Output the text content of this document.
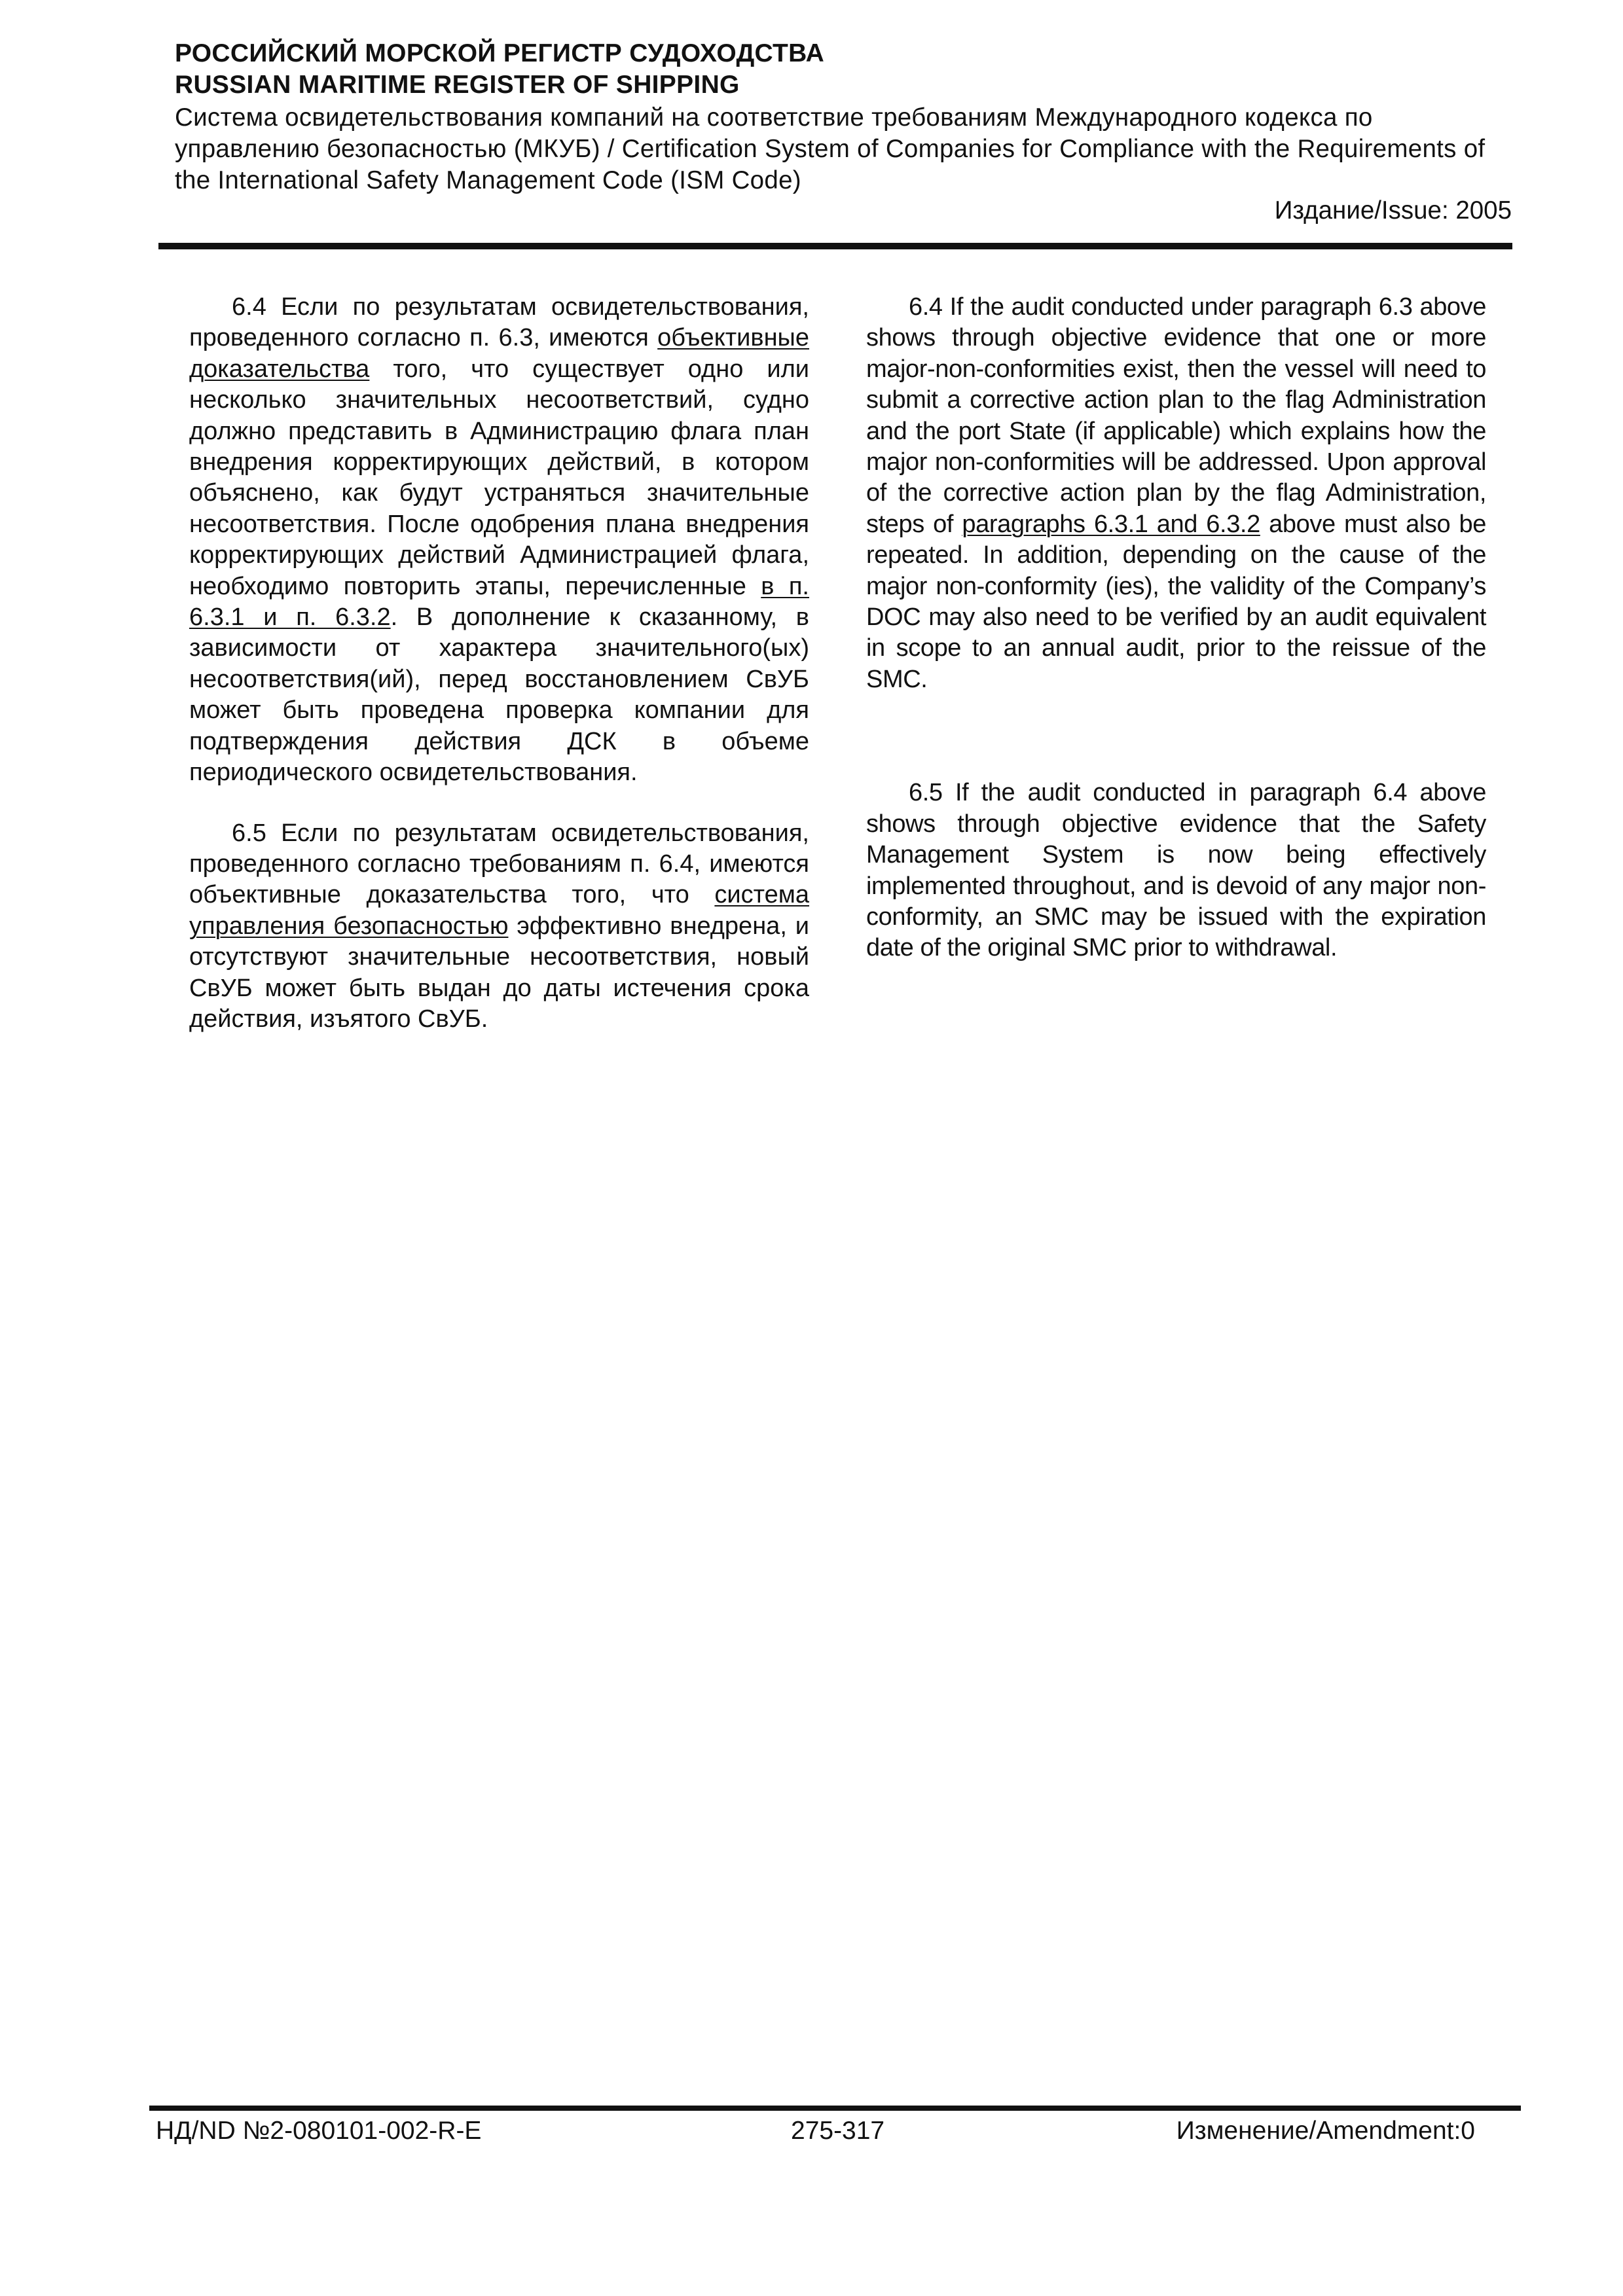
РОССИЙСКИЙ МОРСКОЙ РЕГИСТР СУДОХОДСТВА
RUSSIAN MARITIME REGISTER OF SHIPPING
Система освидетельствования компаний на соответствие требованиям Международного кодекса по управлению безопасностью (МКУБ) / Certification System of Companies for Compliance with the Requirements of the International Safety Management Code (ISM Code)
Издание/Issue: 2005

6.4 Если по результатам освидетельствования, проведенного согласно п. 6.3, имеются объективные доказательства того, что существует одно или несколько значительных несоответствий, судно должно представить в Администрацию флага план внедрения корректирующих действий, в котором объяснено, как будут устраняться значительные несоответствия. После одобрения плана внедрения корректирующих действий Администрацией флага, необходимо повторить этапы, перечисленные в п. 6.3.1 и п. 6.3.2. В дополнение к сказанному, в зависимости от характера значительного(ых) несоответствия(ий), перед восстановлением СвУБ может быть проведена проверка компании для подтверждения действия ДСК в объеме периодического освидетельствования.

6.5 Если по результатам освидетельствования, проведенного согласно требованиям п. 6.4, имеются объективные доказательства того, что система управления безопасностью эффективно внедрена, и отсутствуют значительные несоответствия, новый СвУБ может быть выдан до даты истечения срока действия, изъятого СвУБ.

6.4 If the audit conducted under paragraph 6.3 above shows through objective evidence that one or more major-non-conformities exist, then the vessel will need to submit a corrective action plan to the flag Administration and the port State (if applicable) which explains how the major non-conformities will be addressed. Upon approval of the corrective action plan by the flag Administration, steps of paragraphs 6.3.1 and 6.3.2 above must also be repeated. In addition, depending on the cause of the major non-conformity (ies), the validity of the Company’s DOC may also need to be verified by an audit equivalent in scope to an annual audit, prior to the reissue of the SMC.

6.5 If the audit conducted in paragraph 6.4 above shows through objective evidence that the Safety Management System is now being effectively implemented throughout, and is devoid of any major non-conformity, an SMC may be issued with the expiration date of the original SMC prior to withdrawal.

НД/ND №2-080101-002-R-E	275-317	Изменение/Amendment:0
